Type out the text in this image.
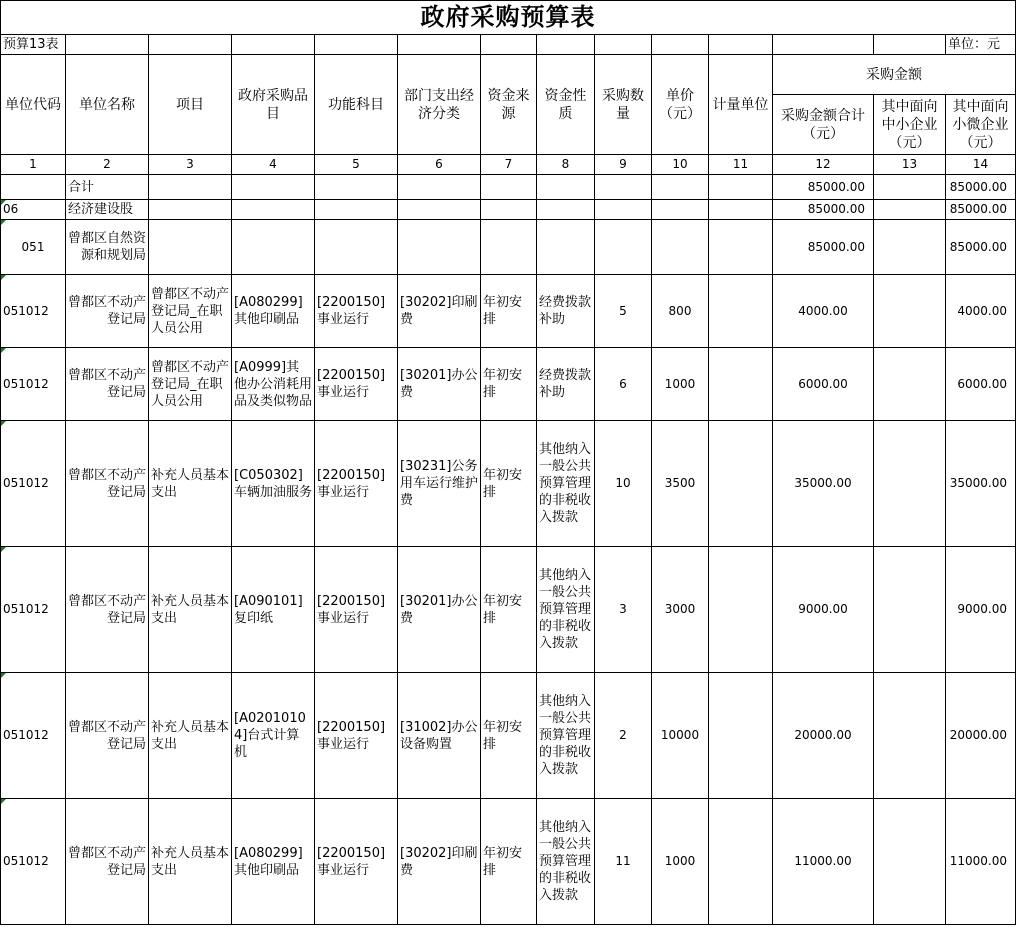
政府采购预算表													
预算13表													单位：元
单位代码	单位名称	项目	政府采购品目	功能科目	部门支出经济分类	资金来源	资金性质	采购数量	单价（元）	计量单位	采购金额		
											采购金额合计（元）	其中面向中小企业（元）	其中面向小微企业（元）
1	2	3	4	5	6	7	8	9	10	11	12	13	14
	合计										85000.00		85000.00
06	经济建设股										85000.00		85000.00
051	曾都区自然资源和规划局										85000.00		85000.00
051012	曾都区不动产登记局	曾都区不动产登记局_在职人员公用	[A080299]其他印刷品	[2200150]事业运行	[30202]印刷费	年初安排	经费拨款补助	5	800		4000.00		4000.00
051012	曾都区不动产登记局	曾都区不动产登记局_在职人员公用	[A0999]其他办公消耗用品及类似物品	[2200150]事业运行	[30201]办公费	年初安排	经费拨款补助	6	1000		6000.00		6000.00
051012	曾都区不动产登记局	补充人员基本支出	[C050302]车辆加油服务	[2200150]事业运行	[30231]公务用车运行维护费	年初安排	其他纳入一般公共预算管理的非税收入拨款	10	3500		35000.00		35000.00
051012	曾都区不动产登记局	补充人员基本支出	[A090101]复印纸	[2200150]事业运行	[30201]办公费	年初安排	其他纳入一般公共预算管理的非税收入拨款	3	3000		9000.00		9000.00
051012	曾都区不动产登记局	补充人员基本支出	[A02010104]台式计算机	[2200150]事业运行	[31002]办公设备购置	年初安排	其他纳入一般公共预算管理的非税收入拨款	2	10000		20000.00		20000.00
051012	曾都区不动产登记局	补充人员基本支出	[A080299]其他印刷品	[2200150]事业运行	[30202]印刷费	年初安排	其他纳入一般公共预算管理的非税收入拨款	11	1000		11000.00		11000.00
